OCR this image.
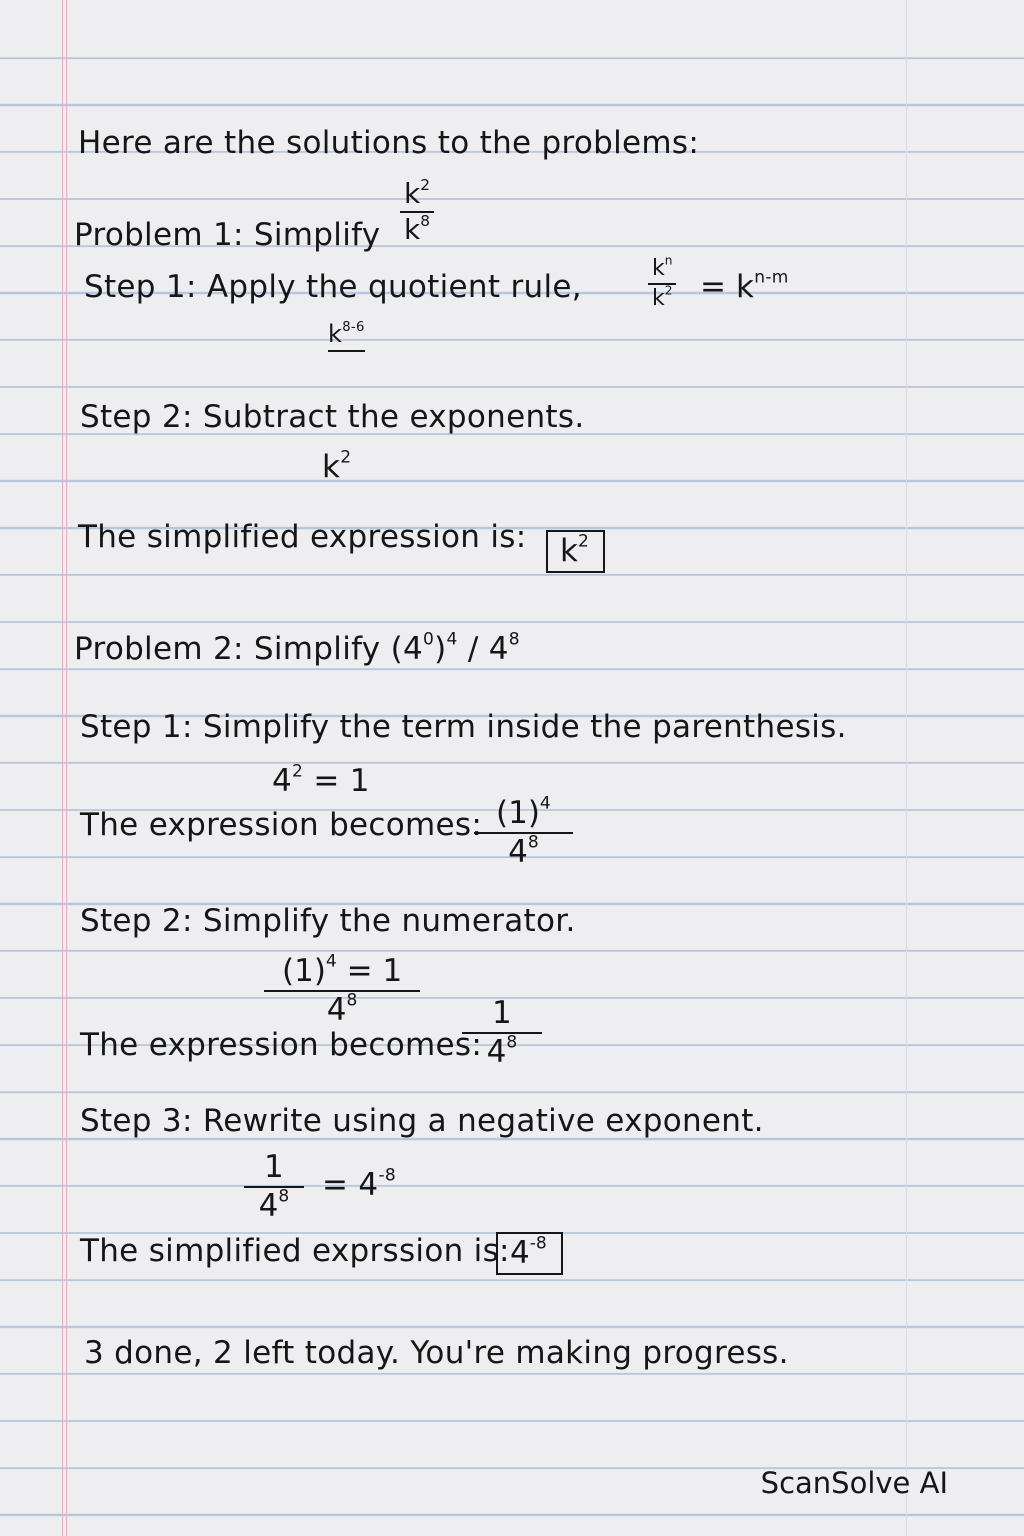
Here are the solutions to the problems:
Problem 1: Simplify $\frac{k^2}{k^8}$
Step 1: Apply the quotient rule,	$\frac{k^n}{k^2} = k^{n-m}$
$k^{8-6}$
Step 2: Subtract the exponents.
$k^2$
The simplified expression is:	$k^2$
Problem 2: Simplify $(4^0)^4 / 4^8$
Step 1: Simplify the term inside the parenthesis.
$4^2 = 1$
The expression becomes:
$\frac{(1)^4}{4^8}$
Step 2: Simplify the numerator.
$\frac{(1)^4 = 1}{4^8}$
The expression becomes:
$\frac{1}{4^8}$
Step 3: Rewrite using a negative exponent.
$\frac{1}{4^8} = 4^{-8}$
The simplified exprssion is: $4^{-8}$
3 done, 2 left today. You're making progress.
ScanSolve AI
